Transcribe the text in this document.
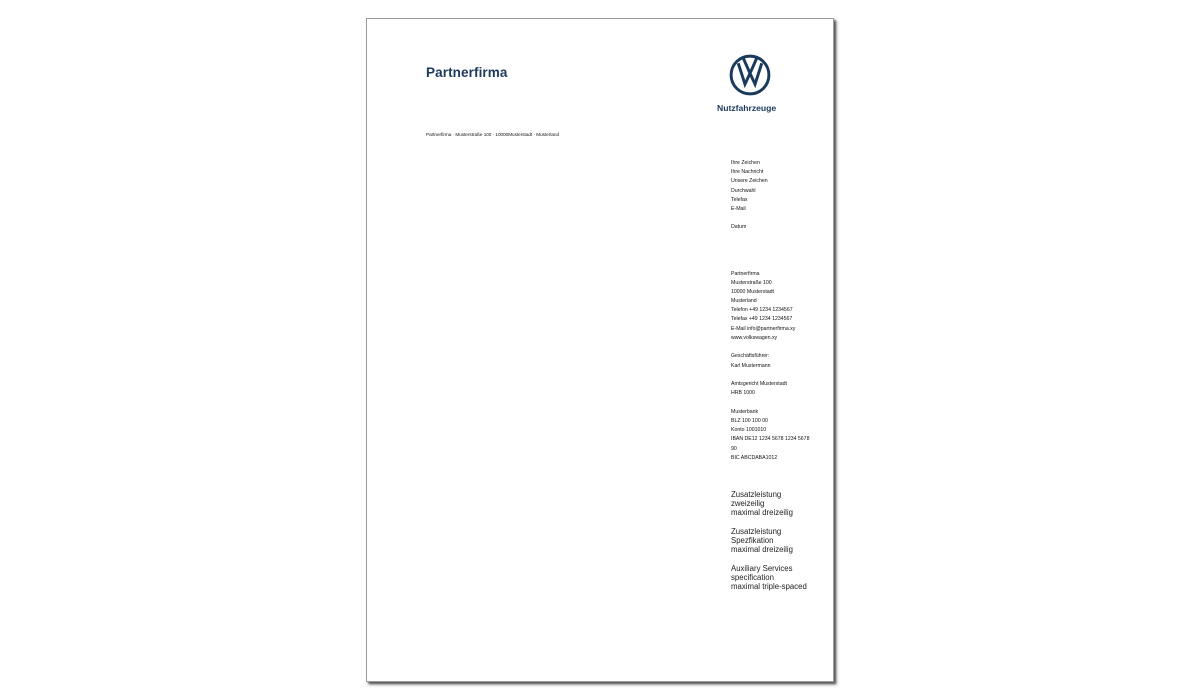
Partnerfirma
Partnerfirma · Musterstraße 100 · 10000Musterstadt · Musterland
Nutzfahrzeuge
Ihre Zeichen
Ihre Nachricht
Unsere Zeichen
Durchwahl
Telefax
E-Mail
Datum
Partnerfirma
Musterstraße 100
10000 Musterstadt
Musterland
Telefon +49 1234 1234567
Telefax +49 1234 1234567
E-Mail info@partnerfirma.xy
www.volkswagen.xy
Geschäftsführer:
Karl Mustermann
Amtsgericht Musterstadt
HRB 1000
Musterbank
BLZ 100 100 00
Konto 1001010
IBAN DE12 1234 5678 1234 5678
90
BIC ABCDABA1012
Zusatzleistung
zweizeilig
maximal dreizeilig
Zusatzleistung
Spezfikation
maximal dreizeilig
Auxiliary Services
specification
maximal triple-spaced
